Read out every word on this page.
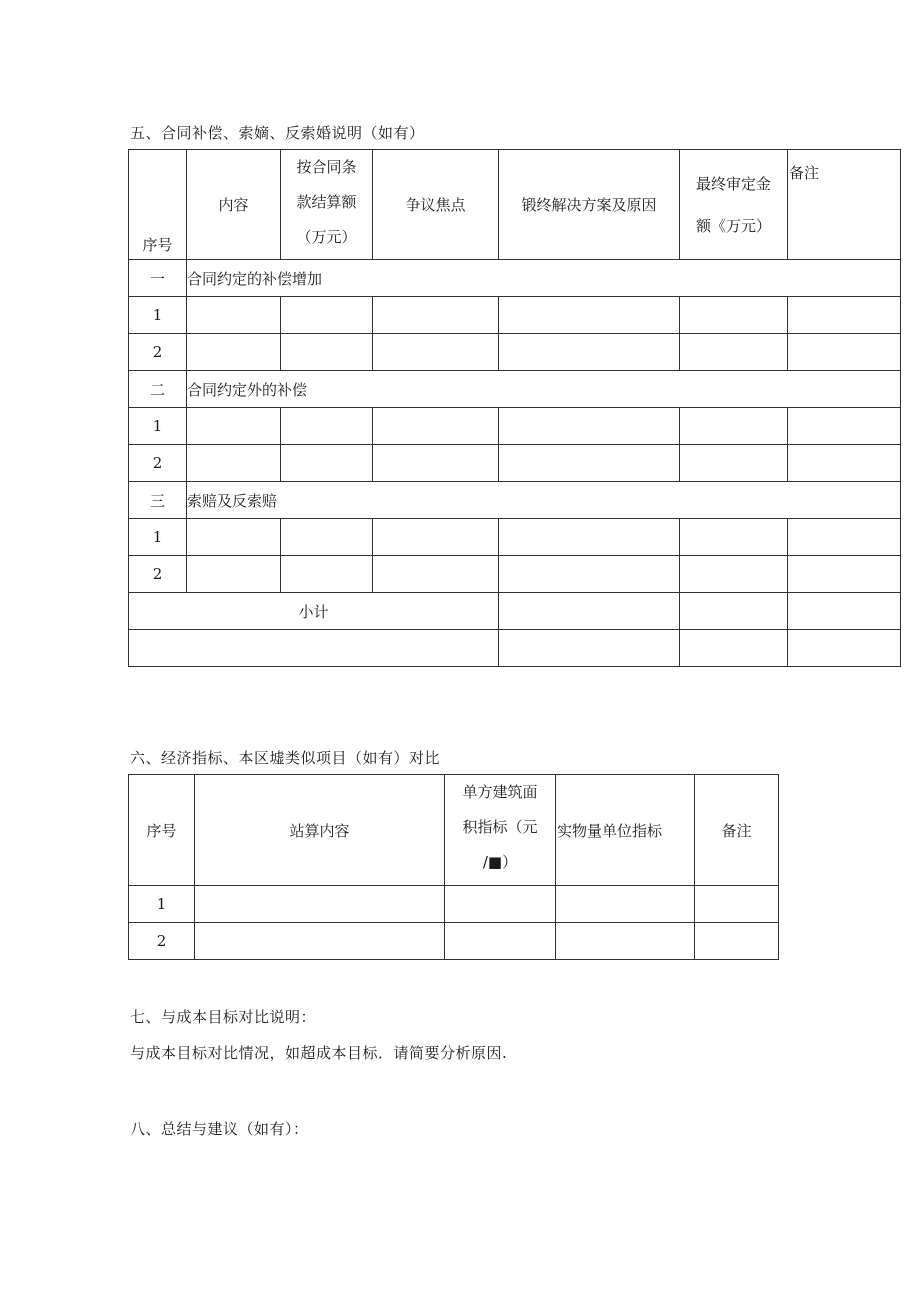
五、合同补偿、索嫡、反索婚说明（如有）
序号	内容	按合同条
款结算额
（万元）	争议焦点	锻终解决方案及原因	最终审定金
额《万元）	备注

一	合同约定的补偿增加					
1						
2						
二	合同约定外的补偿					
1						
2						
三	索赔及反索赔					
1						
2						
小计						

六、经济指标、本区墟类似项目（如有）对比
序号	站算内容	单方建筑面
积指标（元
/■）	实物量单位指标	备注
1				
2				
七、与成本目标对比说明：
与成本目标对比情况，如超成本目标．请简要分析原因.
八、总结与建议（如有）：
